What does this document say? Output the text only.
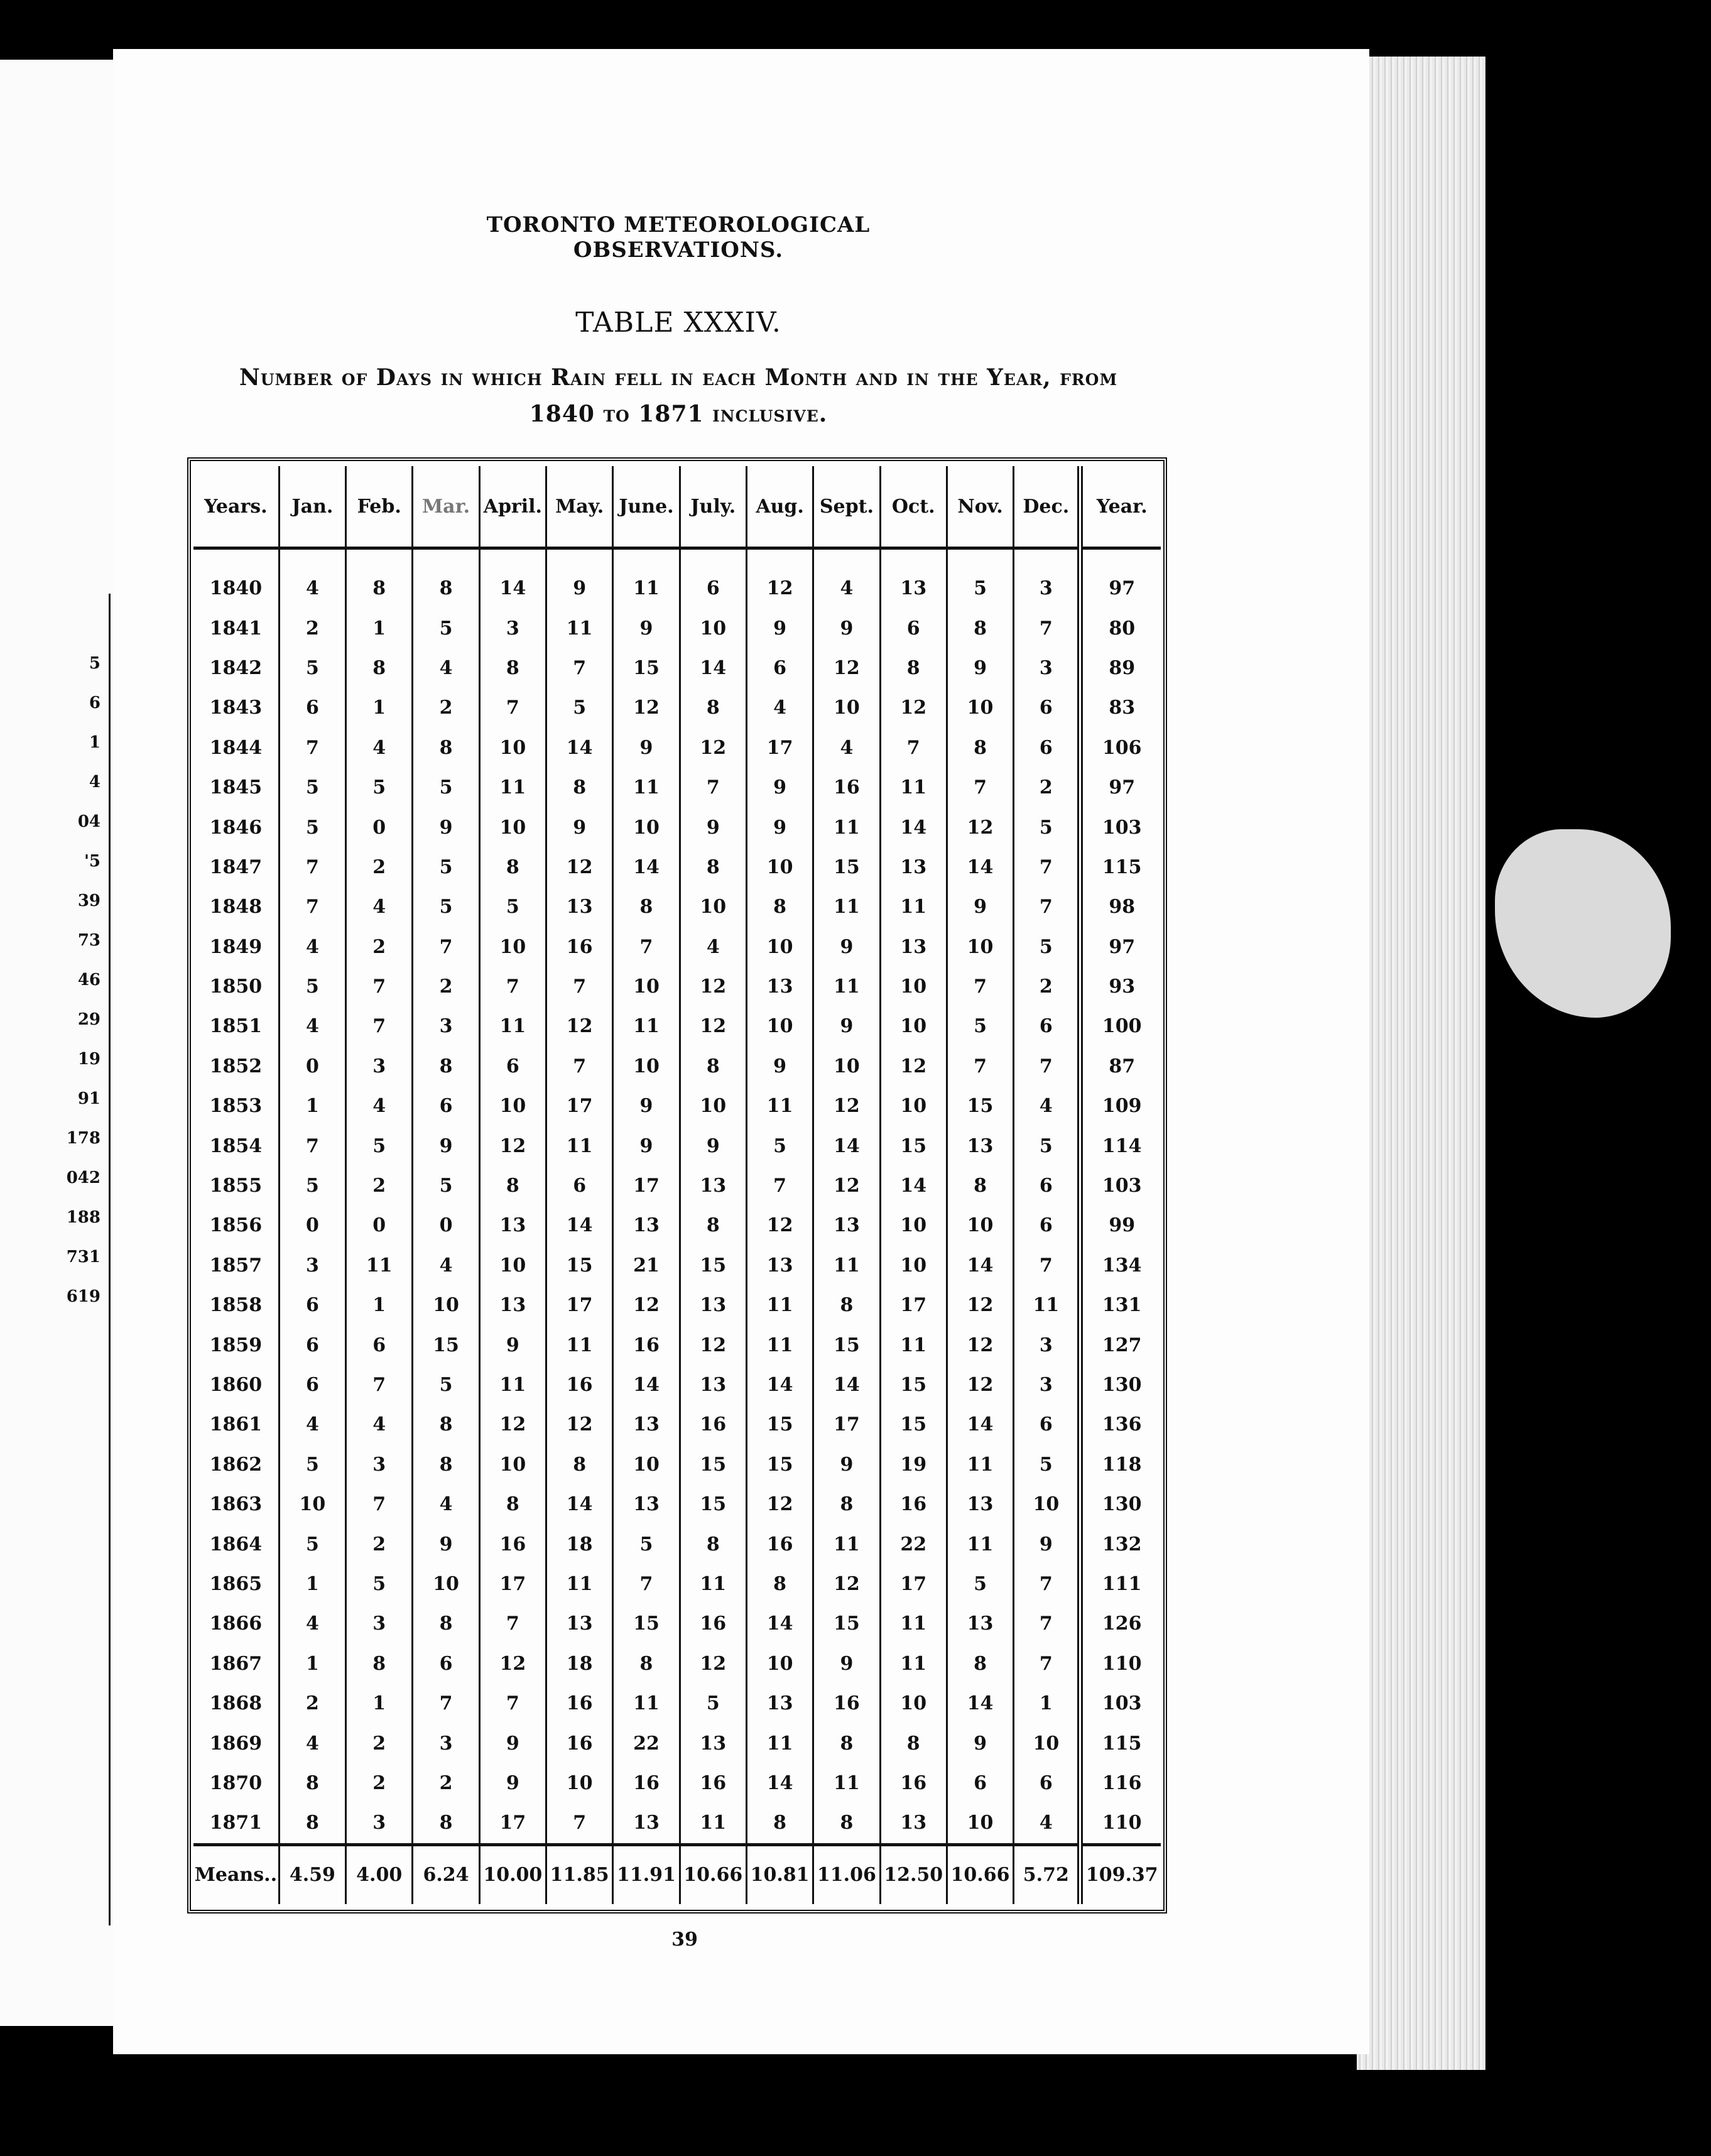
5
6
1
4
04
'5
39
73
46
29
19
91
178
042
188
731
619
TORONTO METEOROLOGICAL OBSERVATIONS.
TABLE XXXIV.
Number of Days in which Rain fell in each Month and in the Year, from
1840 to 1871 inclusive.
Years.	Jan.	Feb.	Mar.	April.	May.	June.	July.	Aug.	Sept.	Oct.	Nov.	Dec.	Year.
1840	4	8	8	14	9	11	6	12	4	13	5	3	97
1841	2	1	5	3	11	9	10	9	9	6	8	7	80
1842	5	8	4	8	7	15	14	6	12	8	9	3	89
1843	6	1	2	7	5	12	8	4	10	12	10	6	83
1844	7	4	8	10	14	9	12	17	4	7	8	6	106
1845	5	5	5	11	8	11	7	9	16	11	7	2	97
1846	5	0	9	10	9	10	9	9	11	14	12	5	103
1847	7	2	5	8	12	14	8	10	15	13	14	7	115
1848	7	4	5	5	13	8	10	8	11	11	9	7	98
1849	4	2	7	10	16	7	4	10	9	13	10	5	97
1850	5	7	2	7	7	10	12	13	11	10	7	2	93
1851	4	7	3	11	12	11	12	10	9	10	5	6	100
1852	0	3	8	6	7	10	8	9	10	12	7	7	87
1853	1	4	6	10	17	9	10	11	12	10	15	4	109
1854	7	5	9	12	11	9	9	5	14	15	13	5	114
1855	5	2	5	8	6	17	13	7	12	14	8	6	103
1856	0	0	0	13	14	13	8	12	13	10	10	6	99
1857	3	11	4	10	15	21	15	13	11	10	14	7	134
1858	6	1	10	13	17	12	13	11	8	17	12	11	131
1859	6	6	15	9	11	16	12	11	15	11	12	3	127
1860	6	7	5	11	16	14	13	14	14	15	12	3	130
1861	4	4	8	12	12	13	16	15	17	15	14	6	136
1862	5	3	8	10	8	10	15	15	9	19	11	5	118
1863	10	7	4	8	14	13	15	12	8	16	13	10	130
1864	5	2	9	16	18	5	8	16	11	22	11	9	132
1865	1	5	10	17	11	7	11	8	12	17	5	7	111
1866	4	3	8	7	13	15	16	14	15	11	13	7	126
1867	1	8	6	12	18	8	12	10	9	11	8	7	110
1868	2	1	7	7	16	11	5	13	16	10	14	1	103
1869	4	2	3	9	16	22	13	11	8	8	9	10	115
1870	8	2	2	9	10	16	16	14	11	16	6	6	116
1871	8	3	8	17	7	13	11	8	8	13	10	4	110
Means..	4.59	4.00	6.24	10.00	11.85	11.91	10.66	10.81	11.06	12.50	10.66	5.72	109.37
39
